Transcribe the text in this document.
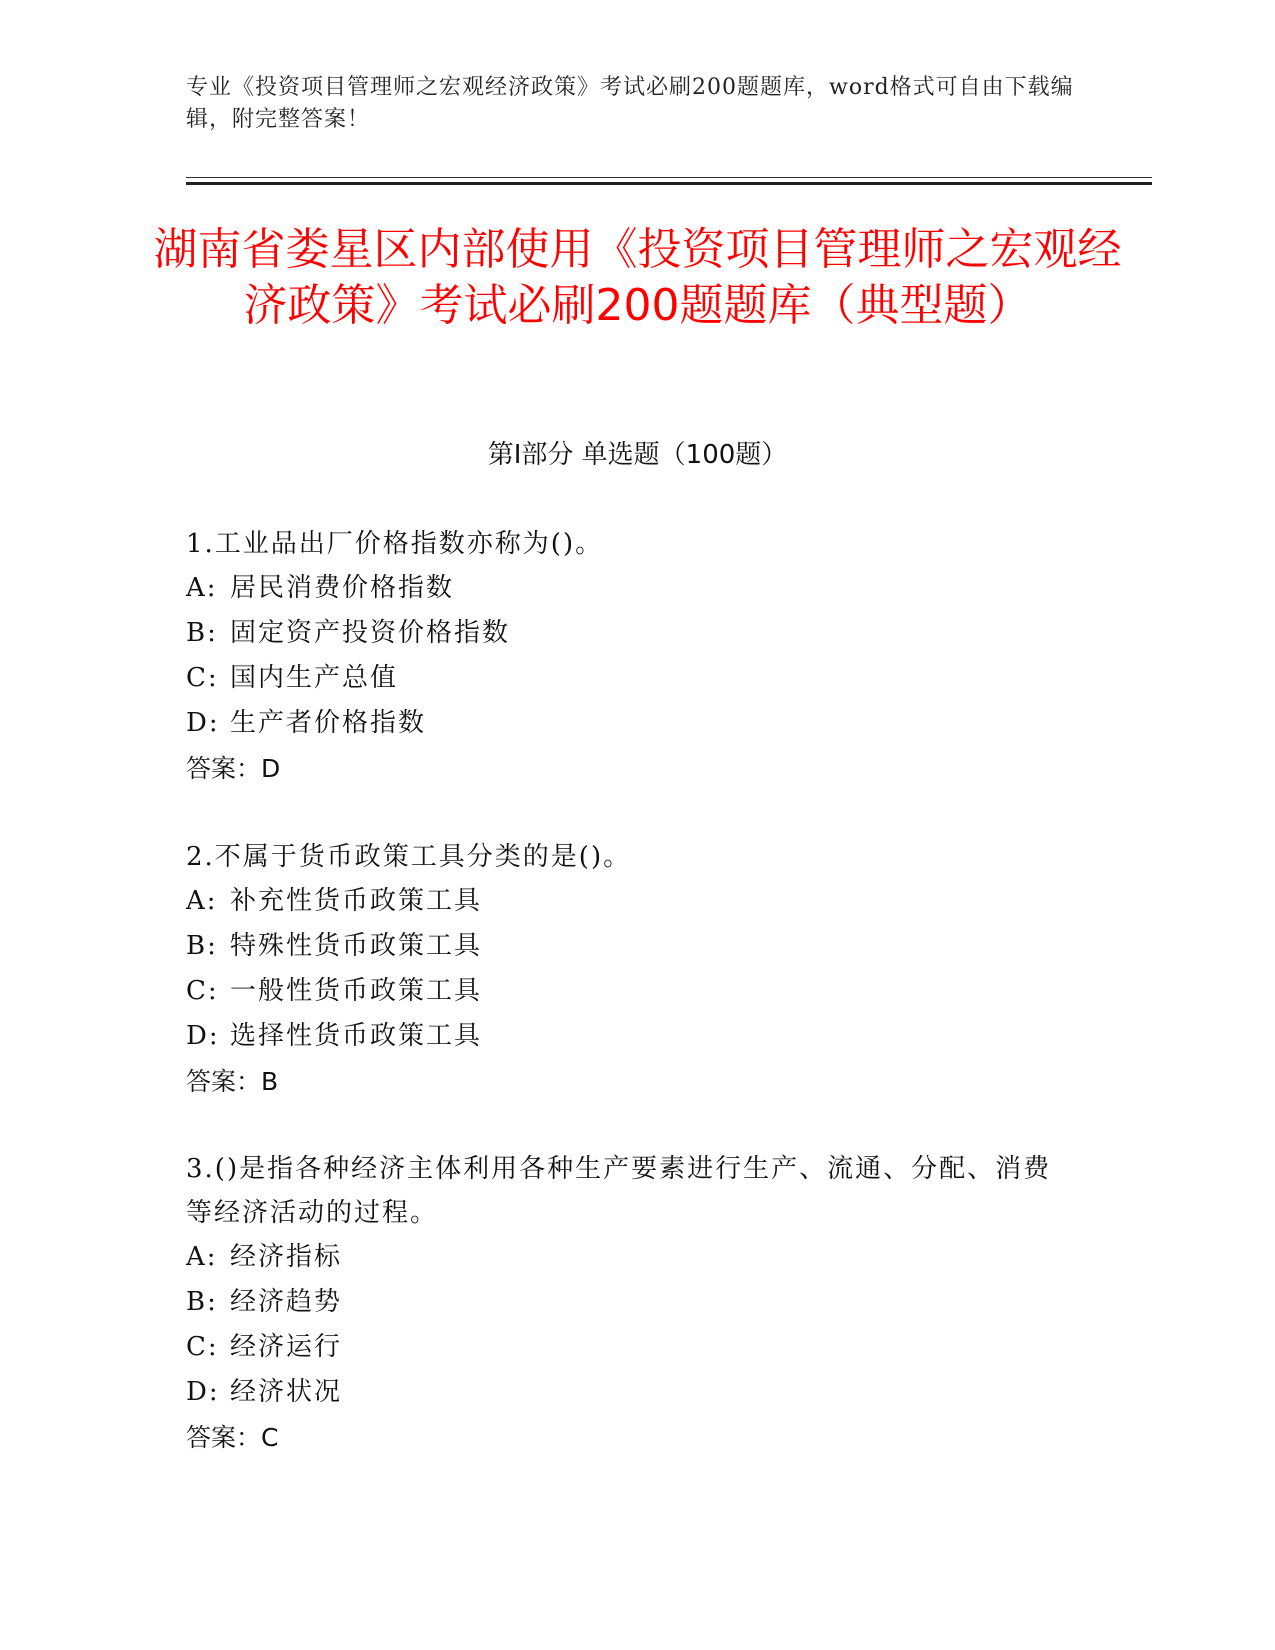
专业《投资项目管理师之宏观经济政策》考试必刷200题题库，word格式可自由下载编辑，附完整答案！
湖南省娄星区内部使用《投资项目管理师之宏观经济政策》考试必刷200题题库（典型题）
第I部分 单选题（100题）

1.工业品出厂价格指数亦称为()。

A: 居民消费价格指数

B: 固定资产投资价格指数

C: 国内生产总值

D: 生产者价格指数

答案：D

2.不属于货币政策工具分类的是()。

A: 补充性货币政策工具

B: 特殊性货币政策工具

C: 一般性货币政策工具

D: 选择性货币政策工具

答案：B

3.()是指各种经济主体利用各种生产要素进行生产、流通、分配、消费等经济活动的过程。

A: 经济指标

B: 经济趋势

C: 经济运行

D: 经济状况

答案：C
